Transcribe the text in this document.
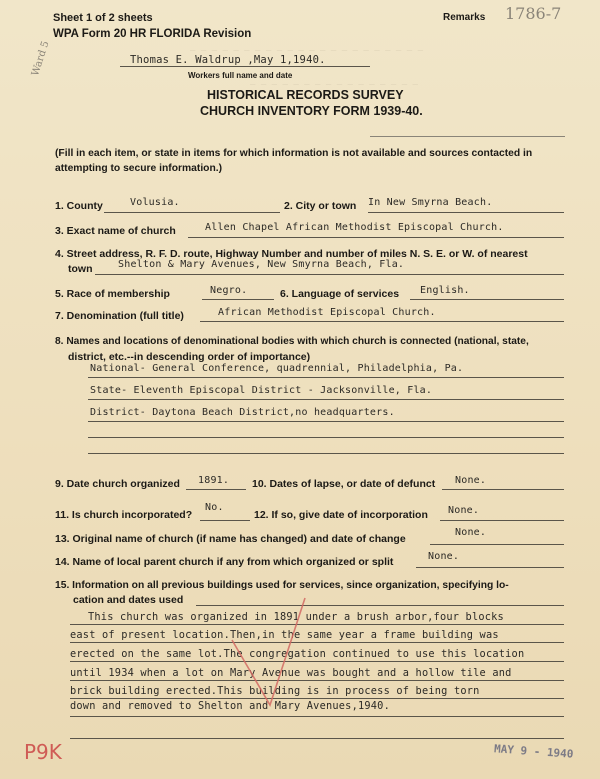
— — — — — — — — — — — — — — — — — — — — — —
— — — — — — — — — — — — — — — —
Sheet 1 of 2 sheets	Remarks 1786-7
WPA Form 20 HR FLORIDA Revision
Thomas E. Waldrup ,May 1,1940.
Workers full name and date
Ward 5
HISTORICAL RECORDS SURVEY
CHURCH INVENTORY FORM 1939-40.
(Fill in each item, or state in items for which information is not available and sources contacted in
attempting to secure information.)
1. County	Volusia.	2. City or town In New Smyrna Beach.
3. Exact name of church	Allen Chapel African Methodist Episcopal Church.
4. Street address, R. F. D. route, Highway Number and number of miles N. S. E. or W. of nearest
town	Shelton & Mary Avenues, New Smyrna Beach, Fla.
5. Race of membership	Negro.	6. Language of services English.
7. Denomination (full title)	African Methodist Episcopal Church.
8. Names and locations of denominational bodies with which church is connected (national, state,
district, etc.--in descending order of importance)
National- General Conference, quadrennial, Philadelphia, Pa.
State- Eleventh Episcopal District - Jacksonville, Fla.
District- Daytona Beach District,no headquarters.
9. Date church organized 1891. 10. Dates of lapse, or date of defunct None.
11. Is church incorporated?
No.
12. If so, give date of incorporation None.
13. Original name of church (if name has changed) and date of change
None.
14. Name of local parent church if any from which organized or split	None.
15. Information on all previous buildings used for services, since organization, specifying lo-
cation and dates used
This church was organized in 1891 under a brush arbor,four blocks
east of present location.Then,in the same year a frame building was
erected on the same lot.The congregation continued to use this location
until 1934 when a lot on Mary Avenue was bought and a hollow tile and
brick building erected.This building is in process of being torn
down and removed to Shelton and Mary Avenues,1940.
MAY 9 - 1940
P9K
